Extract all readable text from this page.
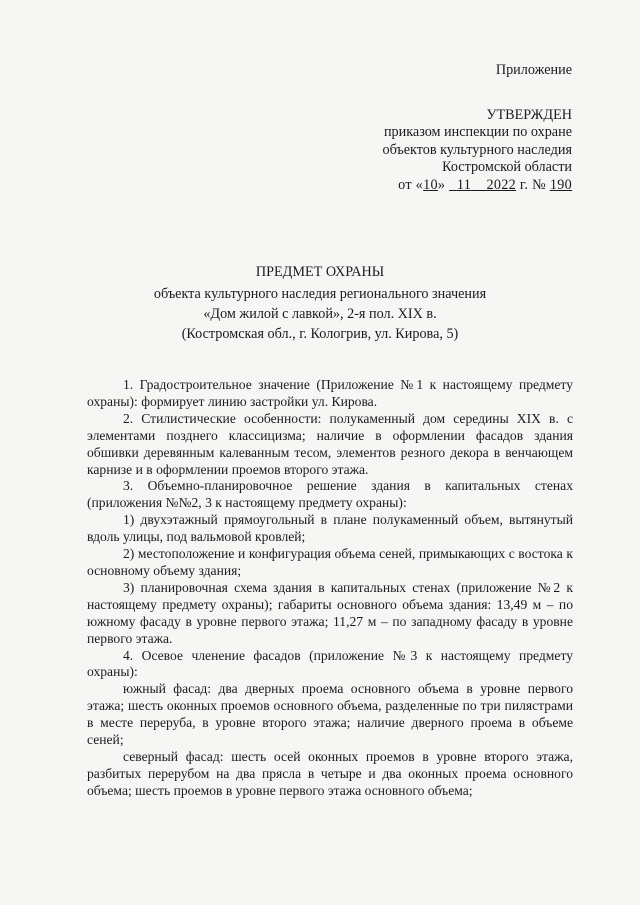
Приложение
УТВЕРЖДЕН
приказом инспекции по охране
объектов культурного наследия
Костромской области
от «10»   11 2022 г. № 190
ПРЕДМЕТ ОХРАНЫ
объекта культурного наследия регионального значения
«Дом жилой с лавкой», 2-я пол. XIX в.
(Костромская обл., г. Кологрив, ул. Кирова, 5)

1. Градостроительное значение (Приложение №1 к настоящему предмету охраны): формирует линию застройки ул. Кирова.

2. Стилистические особенности: полукаменный дом середины XIX в. с элементами позднего классицизма; наличие в оформлении фасадов здания обшивки деревянным калеванным тесом, элементов резного декора в венчающем карнизе и в оформлении проемов второго этажа.

3. Объемно-планировочное решение здания в капитальных стенах (приложения №№2, 3 к настоящему предмету охраны):

1) двухэтажный прямоугольный в плане полукаменный объем, вытянутый вдоль улицы, под вальмовой кровлей;

2) местоположение и конфигурация объема сеней, примыкающих с востока к основному объему здания;

3) планировочная схема здания в капитальных стенах (приложение №2 к настоящему предмету охраны); габариты основного объема здания: 13,49 м – по южному фасаду в уровне первого этажа; 11,27 м – по западному фасаду в уровне первого этажа.

4. Осевое членение фасадов (приложение №3 к настоящему предмету охраны):

южный фасад: два дверных проема основного объема в уровне первого этажа; шесть оконных проемов основного объема, разделенные по три пилястрами в месте переруба, в уровне второго этажа; наличие дверного проема в объеме сеней;

северный фасад: шесть осей оконных проемов в уровне второго этажа, разбитых перерубом на два прясла в четыре и два оконных проема основного объема; шесть проемов в уровне первого этажа основного объема;
